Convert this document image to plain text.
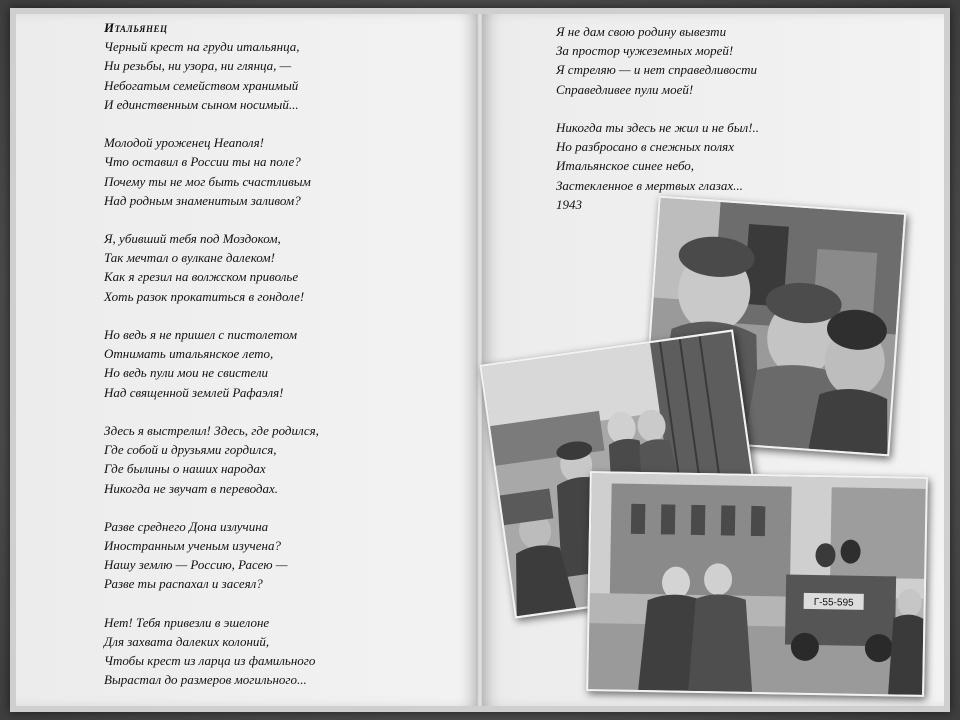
Итальянец
Черный крест на груди итальянца,
Ни резьбы, ни узора, ни глянца, —
Небогатым семейством хранимый
И единственным сыном носимый...
Молодой уроженец Неаполя!
Что оставил в России ты на поле?
Почему ты не мог быть счастливым
Над родным знаменитым заливом?
Я, убивший тебя под Моздоком,
Так мечтал о вулкане далеком!
Как я грезил на волжском приволье
Хоть разок прокатиться в гондоле!
Но ведь я не пришел с пистолетом
Отнимать итальянское лето,
Но ведь пули мои не свистели
Над священной землей Рафаэля!
Здесь я выстрелил! Здесь, где родился,
Где собой и друзьями гордился,
Где былины о наших народах
Никогда не звучат в переводах.
Разве среднего Дона излучина
Иностранным ученым изучена?
Нашу землю — Россию, Расею —
Разве ты распахал и засеял?
Нет! Тебя привезли в эшелоне
Для захвата далеких колоний,
Чтобы крест из ларца из фамильного
Вырастал до размеров могильного...
Я не дам свою родину вывезти
За простор чужеземных морей!
Я стреляю — и нет справедливости
Справедливее пули моей!
Никогда ты здесь не жил и не был!..
Но разбросано в снежных полях
Итальянское синее небо,
Застекленное в мертвых глазах...
1943
Г-55-595
